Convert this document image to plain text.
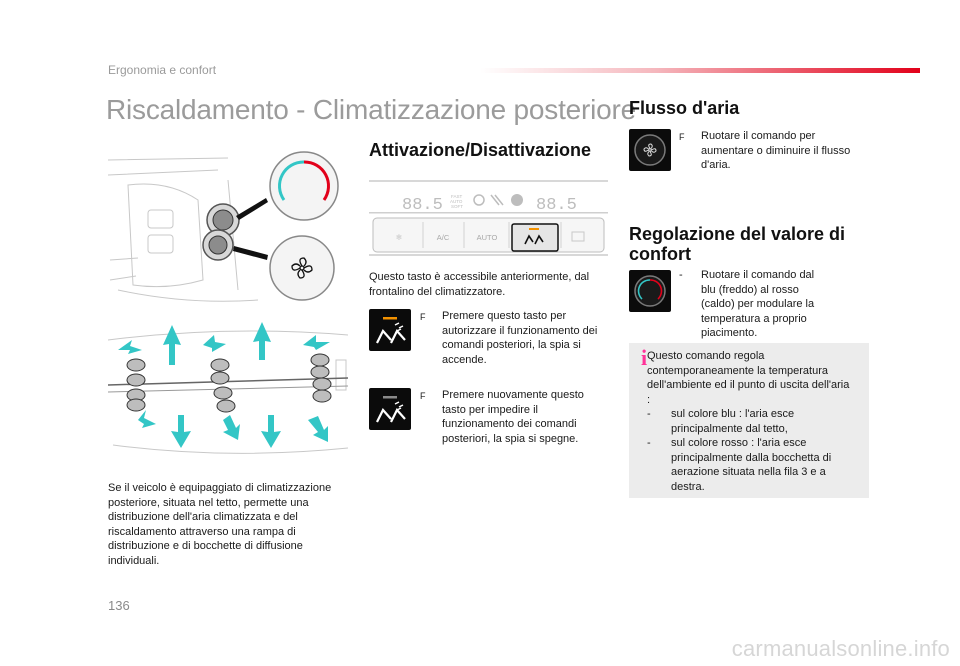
Ergonomia e confort
Riscaldamento - Climatizzazione posteriore
Se il veicolo è equipaggiato di climatizzazione posteriore, situata nel tetto, permette una distribuzione dell'aria climatizzata e del riscaldamento attraverso una rampa di distribuzione e di bocchette di diffusione individuali.
Attivazione/Disattivazione
88.5	88.5
FAST
AUTO
SOFT
❄	A/C	AUTO
Questo tasto è accessibile anteriormente, dal frontalino del climatizzatore.
F	Premere questo tasto per autorizzare il funzionamento dei comandi posteriori, la spia si accende.
F	Premere nuovamente questo tasto per impedire il funzionamento dei comandi posteriori, la spia si spegne.
Flusso d'aria
F	Ruotare il comando per aumentare o diminuire il flusso d'aria.
Regolazione del valore di
confort
-	Ruotare il comando dal blu (freddo) al rosso (caldo) per modulare la temperatura a proprio piacimento.
i Questo comando regola contemporaneamente la temperatura dell'ambiente ed il punto di uscita dell'aria :
-	sul colore blu : l'aria esce principalmente dal tetto,
-	sul colore rosso : l'aria esce principalmente dalla bocchetta di aerazione situata nella fila 3 e a destra.
136
carmanualsonline.info
